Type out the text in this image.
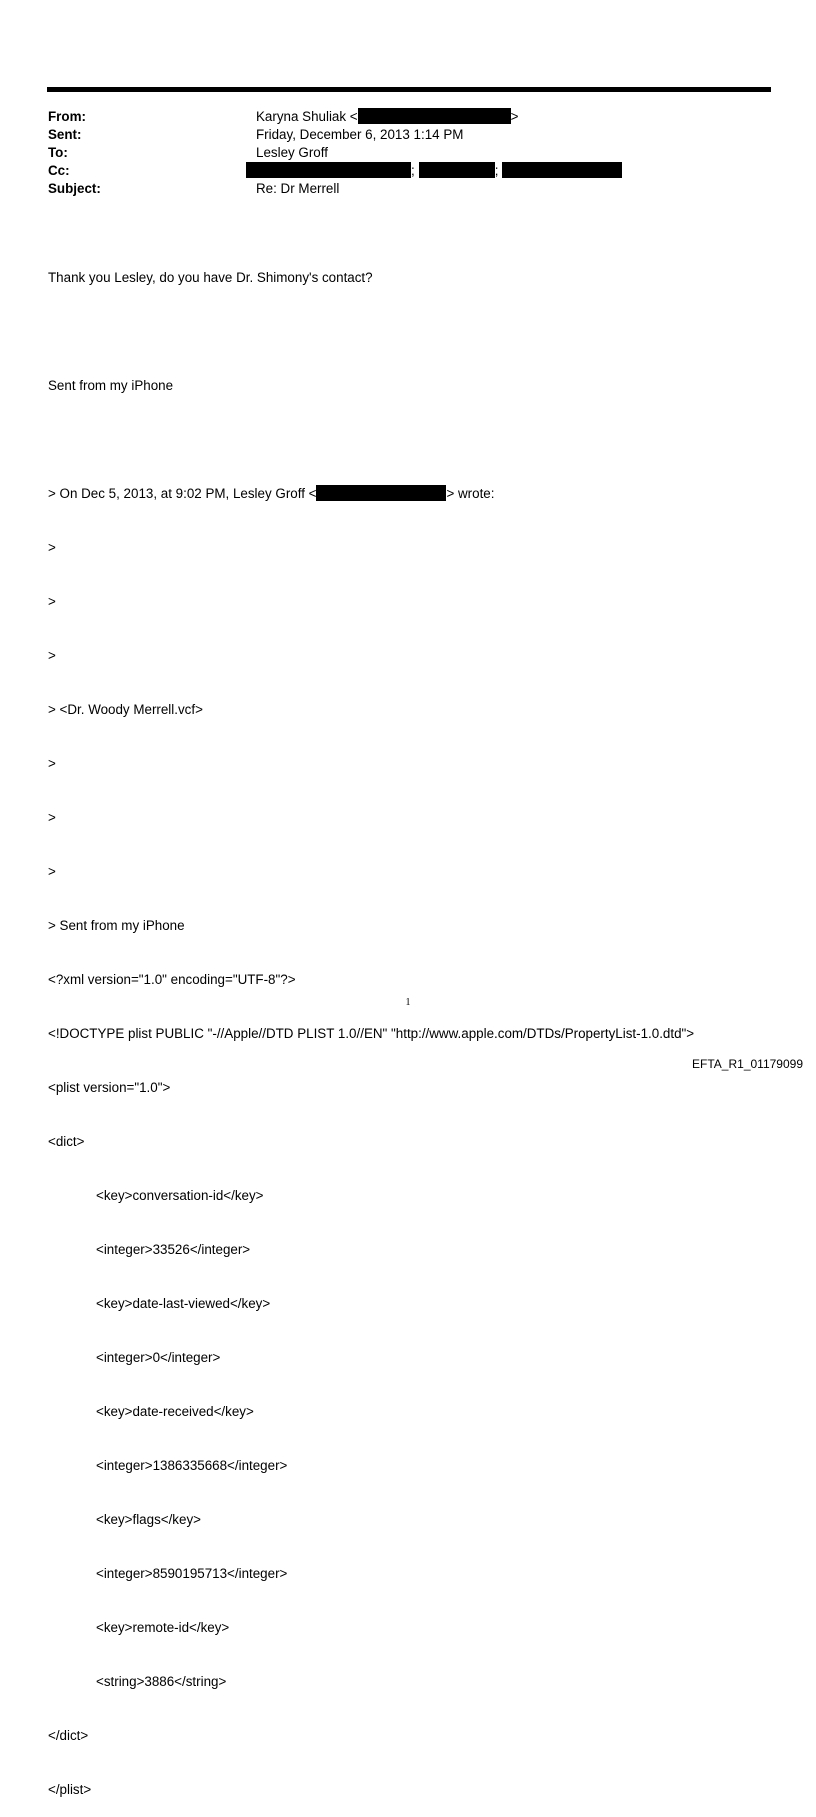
From:	Karyna Shuliak <	>
Sent:	Friday, December 6, 2013 1:14 PM
To:	Lesley Groff
Cc:	;	;
Subject:	Re: Dr Merrell

Thank you Lesley, do you have Dr. Shimony's contact?

Sent from my iPhone

> On Dec 5, 2013, at 9:02 PM, Lesley Groff <	> wrote:

>

>

>

> <Dr. Woody Merrell.vcf>

>

>

>

> Sent from my iPhone

<?xml version="1.0" encoding="UTF-8"?>

<!DOCTYPE plist PUBLIC "-//Apple//DTD PLIST 1.0//EN" "http://www.apple.com/DTDs/PropertyList-1.0.dtd">

<plist version="1.0">

<dict>

<key>conversation-id</key>

<integer>33526</integer>

<key>date-last-viewed</key>

<integer>0</integer>

<key>date-received</key>

<integer>1386335668</integer>

<key>flags</key>

<integer>8590195713</integer>

<key>remote-id</key>

<string>3886</string>

</dict>

</plist>

1
EFTA_R1_01179099
